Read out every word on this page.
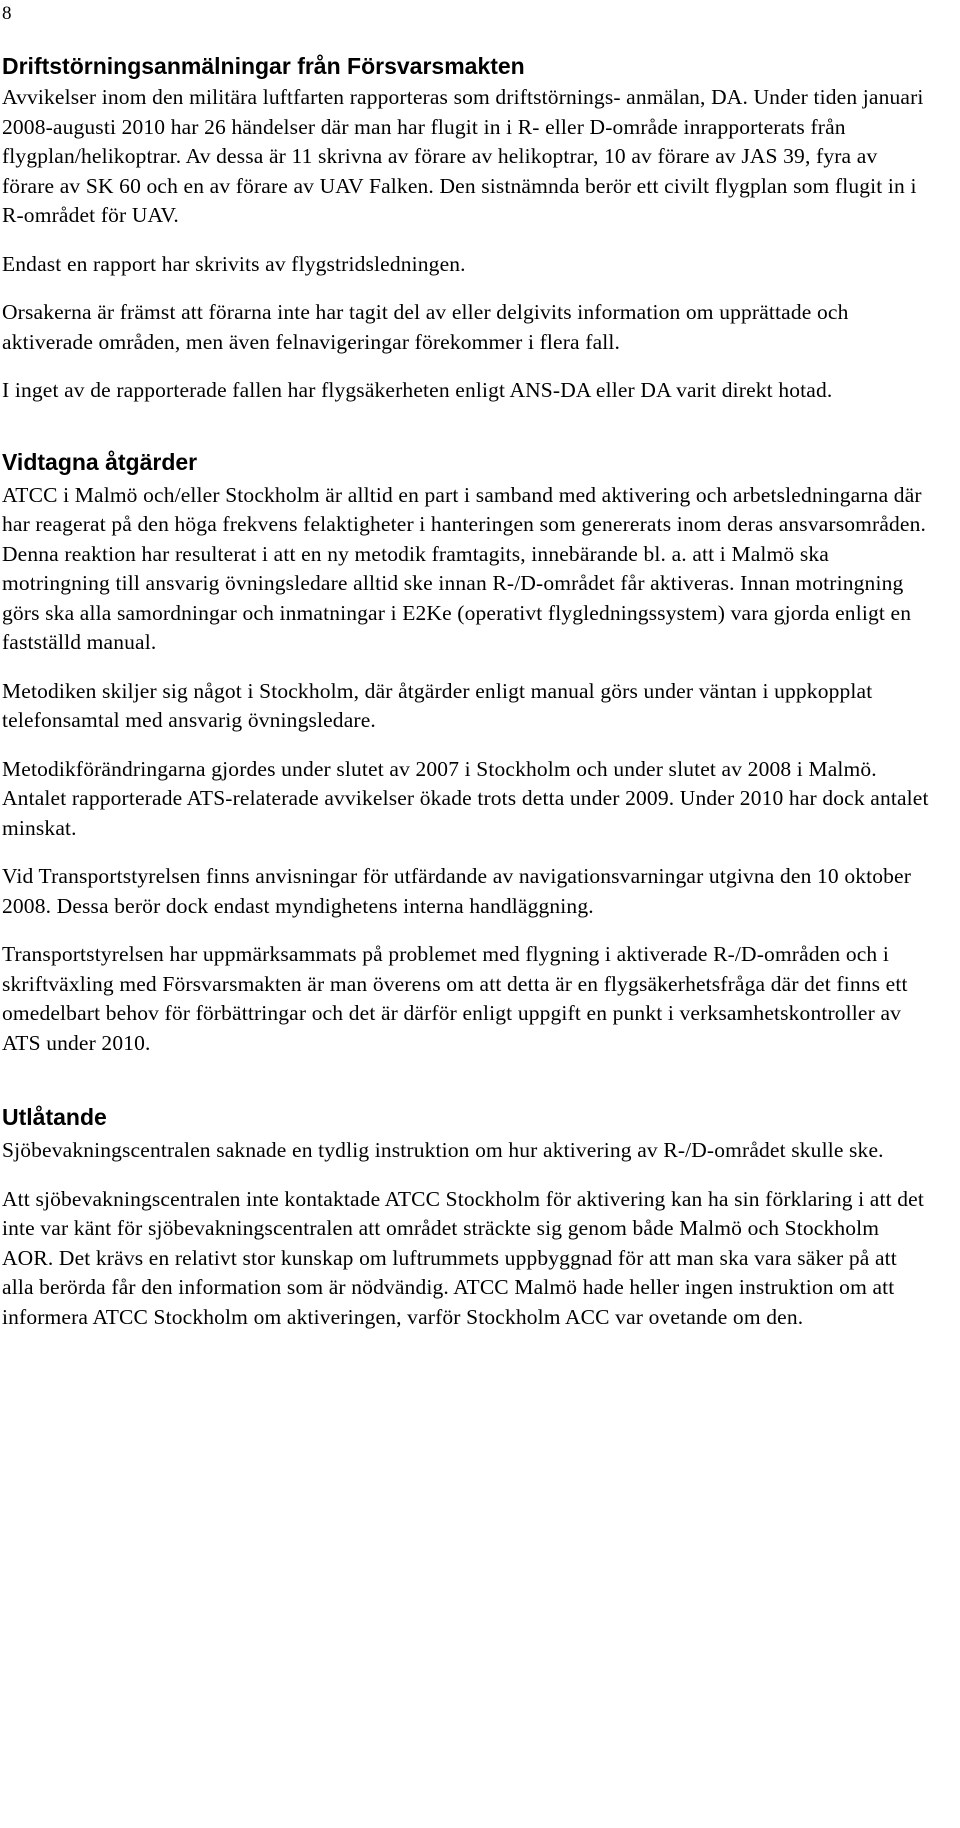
8
Driftstörningsanmälningar från Försvarsmakten

Avvikelser inom den militära luftfarten rapporteras som driftstörnings- anmälan, DA. Under tiden januari 2008-augusti 2010 har 26 händelser där man har flugit in i R- eller D-område inrapporterats från flygplan/helikoptrar. Av dessa är 11 skrivna av förare av helikoptrar, 10 av förare av JAS 39, fyra av förare av SK 60 och en av förare av UAV Falken. Den sistnämnda berör ett civilt flygplan som flugit in i R-området för UAV.

Endast en rapport har skrivits av flygstridsledningen.

Orsakerna är främst att förarna inte har tagit del av eller delgivits information om upprättade och aktiverade områden, men även felnavigeringar förekommer i flera fall.

I inget av de rapporterade fallen har flygsäkerheten enligt ANS-DA eller DA varit direkt hotad.

Vidtagna åtgärder

ATCC i Malmö och/eller Stockholm är alltid en part i samband med aktivering och arbetsledningarna där har reagerat på den höga frekvens felaktigheter i hanteringen som genererats inom deras ansvarsområden. Denna reaktion har resulterat i att en ny metodik framtagits, innebärande bl. a. att i Malmö ska motringning till ansvarig övningsledare alltid ske innan R-/D-området får aktiveras. Innan motringning görs ska alla samordningar och inmatningar i E2Ke (operativt flygledningssystem) vara gjorda enligt en fastställd manual.

Metodiken skiljer sig något i Stockholm, där åtgärder enligt manual görs under väntan i uppkopplat telefonsamtal med ansvarig övningsledare.

Metodikförändringarna gjordes under slutet av 2007 i Stockholm och under slutet av 2008 i Malmö. Antalet rapporterade ATS-relaterade avvikelser ökade trots detta under 2009. Under 2010 har dock antalet minskat.

Vid Transportstyrelsen finns anvisningar för utfärdande av navigationsvarningar utgivna den 10 oktober 2008. Dessa berör dock endast myndighetens interna handläggning.

Transportstyrelsen har uppmärksammats på problemet med flygning i aktiverade R-/D-områden och i skriftväxling med Försvarsmakten är man överens om att detta är en flygsäkerhetsfråga där det finns ett omedelbart behov för förbättringar och det är därför enligt uppgift en punkt i verksamhetskontroller av ATS under 2010.

Utlåtande

Sjöbevakningscentralen saknade en tydlig instruktion om hur aktivering av R-/D-området skulle ske.

Att sjöbevakningscentralen inte kontaktade ATCC Stockholm för aktivering kan ha sin förklaring i att det inte var känt för sjöbevakningscentralen att området sträckte sig genom både Malmö och Stockholm AOR. Det krävs en relativt stor kunskap om luftrummets uppbyggnad för att man ska vara säker på att alla berörda får den information som är nödvändig. ATCC Malmö hade heller ingen instruktion om att informera ATCC Stockholm om aktiveringen, varför Stockholm ACC var ovetande om den.
